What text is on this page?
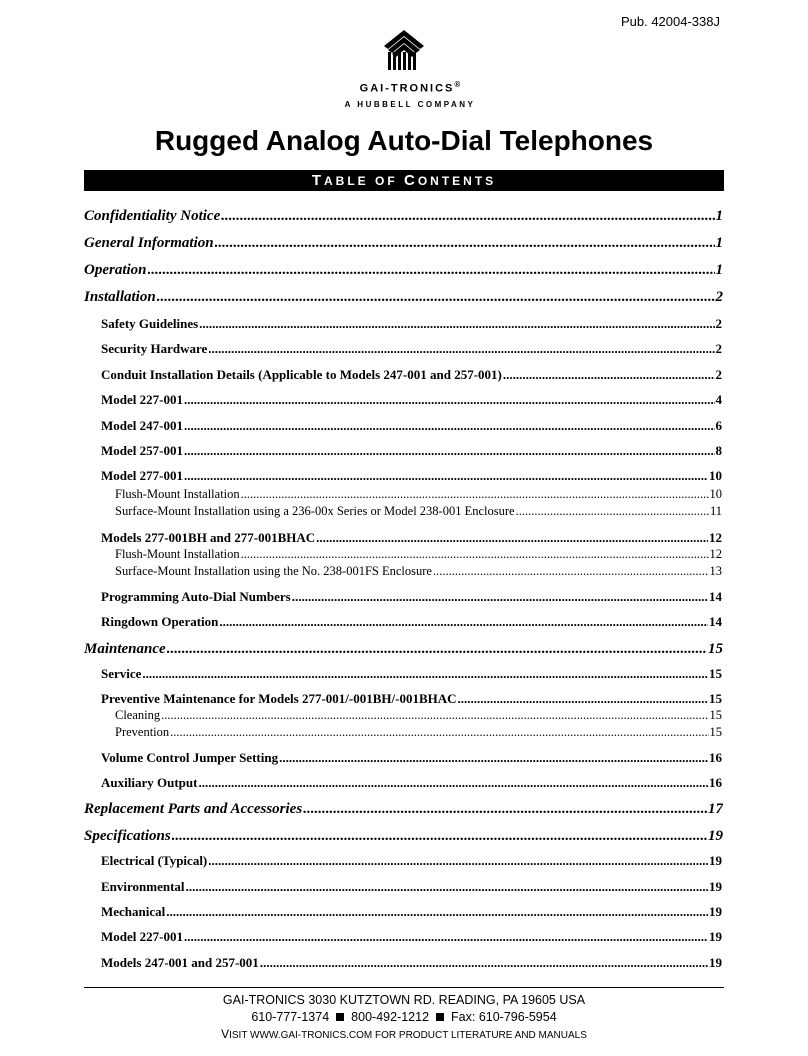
Pub. 42004-338J
GAI-TRONICS®
A HUBBELL COMPANY
Rugged Analog Auto-Dial Telephones
TABLE OF CONTENTS
Confidentiality Notice .....	1
General Information .....	1
Operation .....	1
Installation .....	2
Safety Guidelines .....	2
Security Hardware .....	2
Conduit Installation Details (Applicable to Models 247-001 and 257-001) .....	2
Model 227-001 .....	4
Model 247-001 .....	6
Model 257-001 .....	8
Model 277-001 .....	10
Flush-Mount Installation .....	10
Surface-Mount Installation using a 236-00x Series or Model 238-001 Enclosure .....	11
Models 277-001BH and 277-001BHAC .....	12
Flush-Mount Installation .....	12
Surface-Mount Installation using the No. 238-001FS Enclosure .....	13
Programming Auto-Dial Numbers .....	14
Ringdown Operation .....	14
Maintenance .....	15
Service .....	15
Preventive Maintenance for Models 277-001/-001BH/-001BHAC .....	15
Cleaning .....	15
Prevention .....	15
Volume Control Jumper Setting .....	16
Auxiliary Output .....	16
Replacement Parts and Accessories .....	17
Specifications .....	19
Electrical (Typical) .....	19
Environmental .....	19
Mechanical .....	19
Model 227-001 .....	19
Models 247-001 and 257-001 .....	19
GAI-TRONICS 3030 KUTZTOWN RD. READING, PA 19605 USA
610-777-1374 800-492-1212 Fax: 610-796-5954
VISIT WWW.GAI-TRONICS.COM FOR PRODUCT LITERATURE AND MANUALS
